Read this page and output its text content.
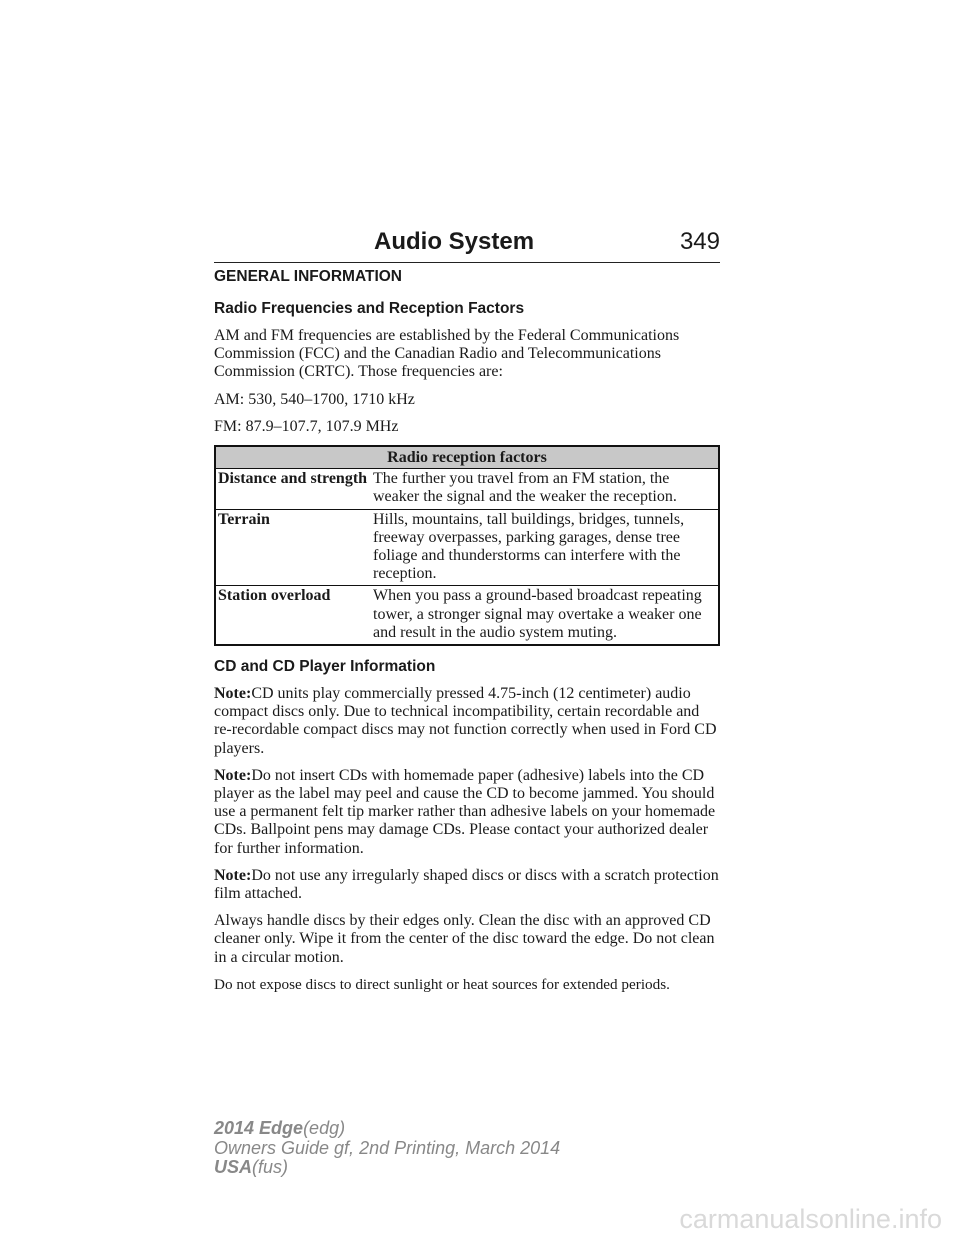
Audio System	349
GENERAL INFORMATION
Radio Frequencies and Reception Factors

AM and FM frequencies are established by the Federal Communications Commission (FCC) and the Canadian Radio and Telecommunications Commission (CRTC). Those frequencies are:

AM: 530, 540–1700, 1710 kHz

FM: 87.9–107.7, 107.9 MHz

Radio reception factors	
Distance and strength	The further you travel from an FM station, the weaker the signal and the weaker the reception.
Terrain	Hills, mountains, tall buildings, bridges, tunnels, freeway overpasses, parking garages, dense tree foliage and thunderstorms can interfere with the reception.
Station overload	When you pass a ground-based broadcast repeating tower, a stronger signal may overtake a weaker one and result in the audio system muting.
CD and CD Player Information

Note:CD units play commercially pressed 4.75-inch (12 centimeter) audio compact discs only. Due to technical incompatibility, certain recordable and re-recordable compact discs may not function correctly when used in Ford CD players.

Note:Do not insert CDs with homemade paper (adhesive) labels into the CD player as the label may peel and cause the CD to become jammed. You should use a permanent felt tip marker rather than adhesive labels on your homemade CDs. Ballpoint pens may damage CDs. Please contact your authorized dealer for further information.

Note:Do not use any irregularly shaped discs or discs with a scratch protection film attached.

Always handle discs by their edges only. Clean the disc with an approved CD cleaner only. Wipe it from the center of the disc toward the edge. Do not clean in a circular motion.

Do not expose discs to direct sunlight or heat sources for extended periods.

2014 Edge(edg)
Owners Guide gf, 2nd Printing, March 2014
USA(fus)
carmanualsonline.info
